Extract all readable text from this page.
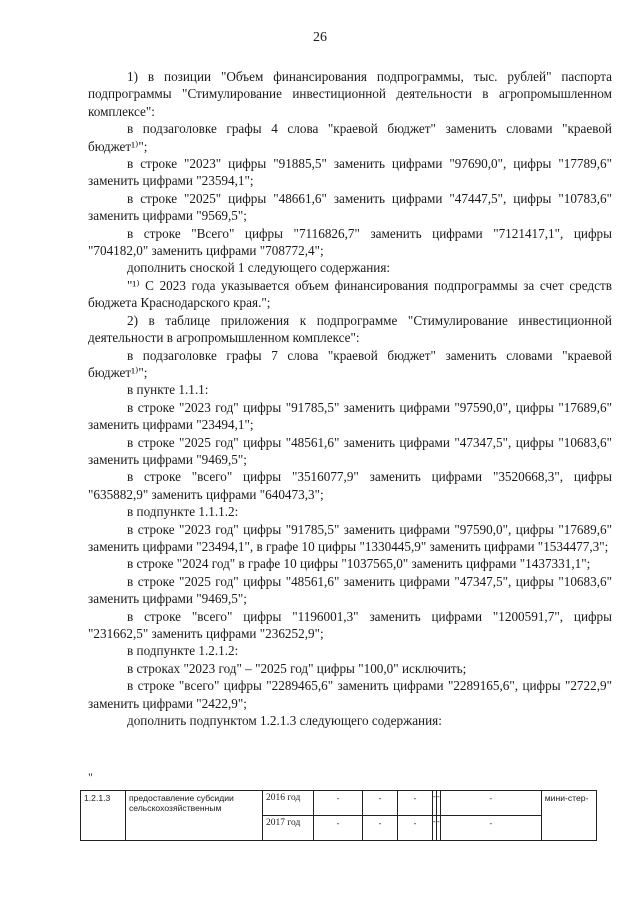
26

1) в позиции "Объем финансирования подпрограммы, тыс. рублей" паспорта подпрограммы "Стимулирование инвестиционной деятельности в агропромышленном комплексе":

в подзаголовке графы 4 слова "краевой бюджет" заменить словами "краевой бюджет¹⁾";

в строке "2023" цифры "91885,5" заменить цифрами "97690,0", цифры "17789,6" заменить цифрами "23594,1";

в строке "2025" цифры "48661,6" заменить цифрами "47447,5", цифры "10783,6" заменить цифрами "9569,5";

в строке "Всего" цифры "7116826,7" заменить цифрами "7121417,1", цифры "704182,0" заменить цифрами "708772,4";

дополнить сноской 1 следующего содержания:

"¹⁾ С 2023 года указывается объем финансирования подпрограммы за счет средств бюджета Краснодарского края.";

2) в таблице приложения к подпрограмме "Стимулирование инвестиционной деятельности в агропромышленном комплексе":

в подзаголовке графы 7 слова "краевой бюджет" заменить словами "краевой бюджет¹⁾";

в пункте 1.1.1:

в строке "2023 год" цифры "91785,5" заменить цифрами "97590,0", цифры "17689,6" заменить цифрами "23494,1";

в строке "2025 год" цифры "48561,6" заменить цифрами "47347,5", цифры "10683,6" заменить цифрами "9469,5";

в строке "всего" цифры "3516077,9" заменить цифрами "3520668,3", цифры "635882,9" заменить цифрами "640473,3";

в подпункте 1.1.1.2:

в строке "2023 год" цифры "91785,5" заменить цифрами "97590,0", цифры "17689,6" заменить цифрами "23494,1", в графе 10 цифры "1330445,9" заменить цифрами "1534477,3";

в строке "2024 год" в графе 10 цифры "1037565,0" заменить цифрами "1437331,1";

в строке "2025 год" цифры "48561,6" заменить цифрами "47347,5", цифры "10683,6" заменить цифрами "9469,5";

в строке "всего" цифры "1196001,3" заменить цифрами "1200591,7", цифры "231662,5" заменить цифрами "236252,9";

в подпункте 1.2.1.2:

в строках "2023 год" – "2025 год" цифры "100,0" исключить;

в строке "всего" цифры "2289465,6" заменить цифрами "2289165,6", цифры "2722,9" заменить цифрами "2422,9";

дополнить подпунктом 1.2.1.3 следующего содержания:

"
1.2.1.3	предоставление субсидии сельскохозяйственным	2016 год	-	-	-	-	-	-	мини-стер-
		2017 год	-	-	-	-	-	-	
